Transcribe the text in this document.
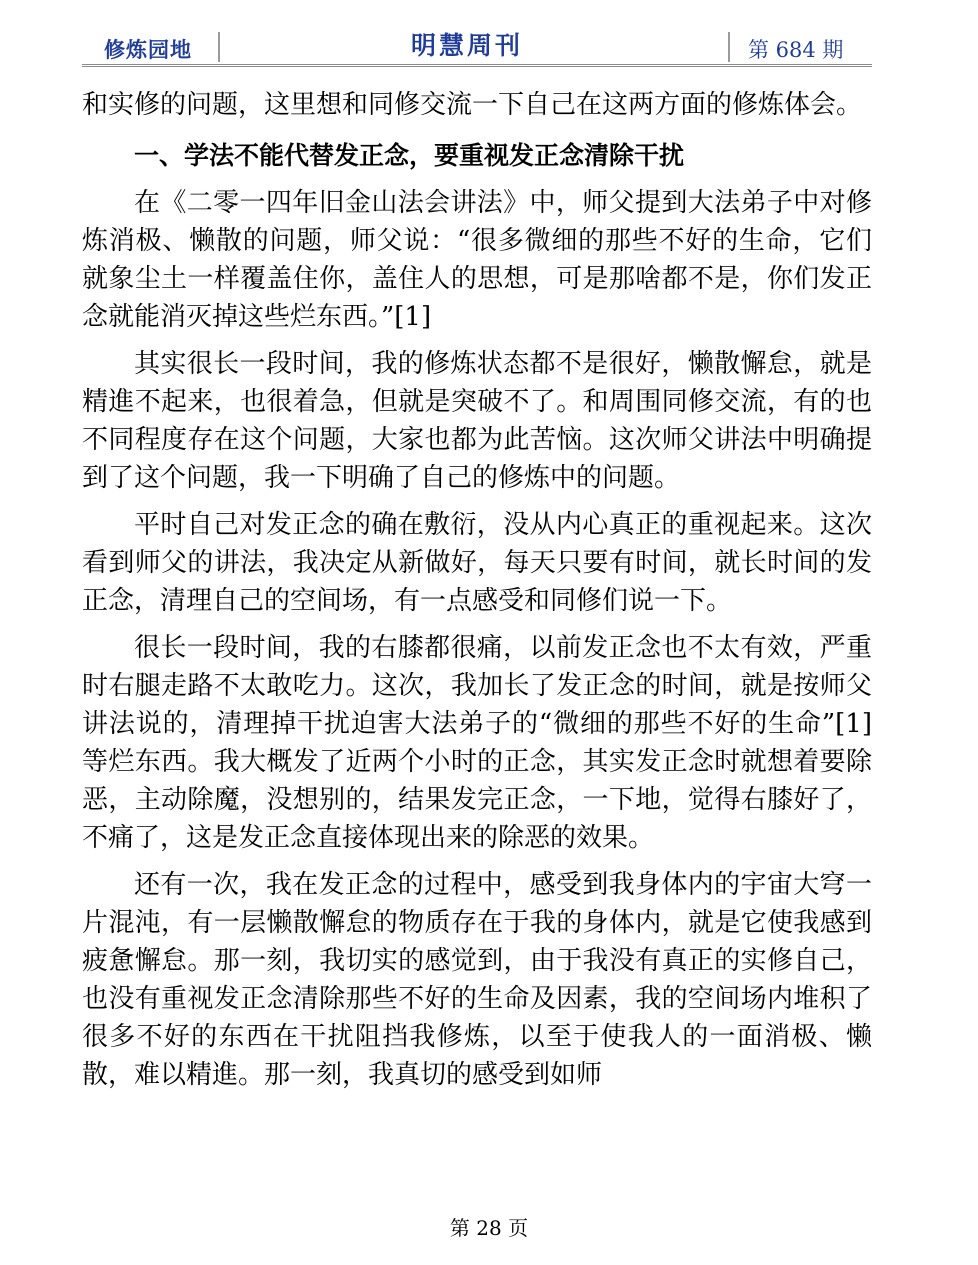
修炼园地	明慧周刊	第 684 期

和实修的问题，这里想和同修交流一下自己在这两方面的修炼体会。

一、学法不能代替发正念，要重视发正念清除干扰

在《二零一四年旧金山法会讲法》中，师父提到大法弟子中对修炼消极、懒散的问题，师父说：“很多微细的那些不好的生命，它们就象尘土一样覆盖住你，盖住人的思想，可是那啥都不是，你们发正念就能消灭掉这些烂东西。”[1]

其实很长一段时间，我的修炼状态都不是很好，懒散懈怠，就是精進不起来，也很着急，但就是突破不了。和周围同修交流，有的也不同程度存在这个问题，大家也都为此苦恼。这次师父讲法中明确提到了这个问题，我一下明确了自己的修炼中的问题。

平时自己对发正念的确在敷衍，没从内心真正的重视起来。这次看到师父的讲法，我决定从新做好，每天只要有时间，就长时间的发正念，清理自己的空间场，有一点感受和同修们说一下。

很长一段时间，我的右膝都很痛，以前发正念也不太有效，严重时右腿走路不太敢吃力。这次，我加长了发正念的时间，就是按师父讲法说的，清理掉干扰迫害大法弟子的“微细的那些不好的生命”[1]等烂东西。我大概发了近两个小时的正念，其实发正念时就想着要除恶，主动除魔，没想别的，结果发完正念，一下地，觉得右膝好了，不痛了，这是发正念直接体现出来的除恶的效果。

还有一次，我在发正念的过程中，感受到我身体内的宇宙大穹一片混沌，有一层懒散懈怠的物质存在于我的身体内，就是它使我感到疲惫懈怠。那一刻，我切实的感觉到，由于我没有真正的实修自己，也没有重视发正念清除那些不好的生命及因素，我的空间场内堆积了很多不好的东西在干扰阻挡我修炼，以至于使我人的一面消极、懒散，难以精進。那一刻，我真切的感受到如师

第 28 页
